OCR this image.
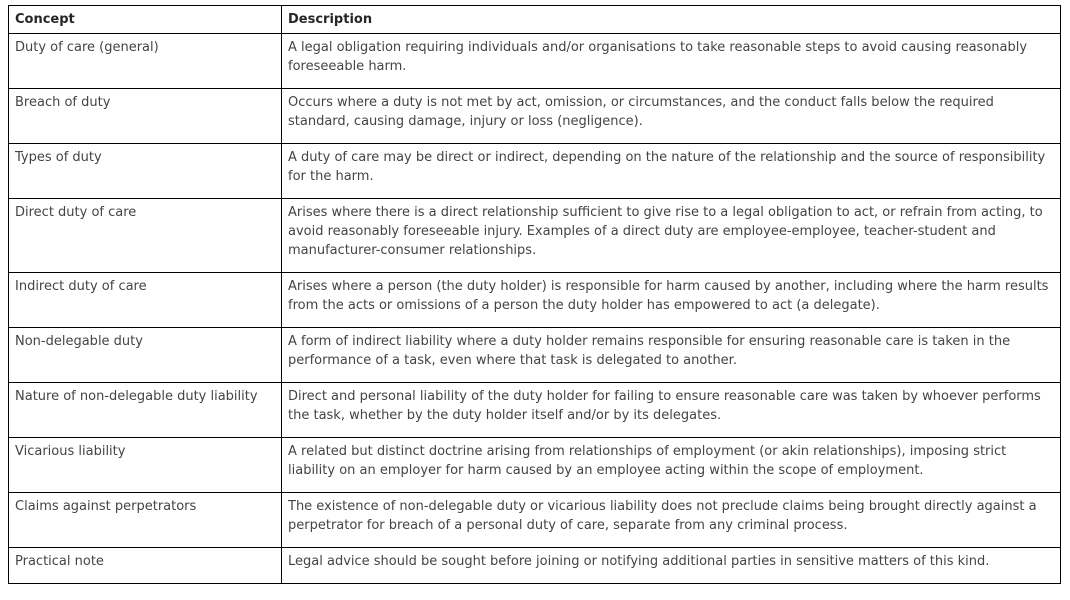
Concept	Description
Duty of care (general)	A legal obligation requiring individuals and/or organisations to take reasonable steps to avoid causing reasonably foreseeable harm.
Breach of duty	Occurs where a duty is not met by act, omission, or circumstances, and the conduct falls below the required standard, causing damage, injury or loss (negligence).
Types of duty	A duty of care may be direct or indirect, depending on the nature of the relationship and the source of responsibility for the harm.
Direct duty of care	Arises where there is a direct relationship sufficient to give rise to a legal obligation to act, or refrain from acting, to avoid reasonably foreseeable injury. Examples of a direct duty are employee-employee, teacher-student and manufacturer-consumer relationships.
Indirect duty of care	Arises where a person (the duty holder) is responsible for harm caused by another, including where the harm results from the acts or omissions of a person the duty holder has empowered to act (a delegate).
Non-delegable duty	A form of indirect liability where a duty holder remains responsible for ensuring reasonable care is taken in the performance of a task, even where that task is delegated to another.
Nature of non-delegable duty liability	Direct and personal liability of the duty holder for failing to ensure reasonable care was taken by whoever performs the task, whether by the duty holder itself and/or by its delegates.
Vicarious liability	A related but distinct doctrine arising from relationships of employment (or akin relationships), imposing strict liability on an employer for harm caused by an employee acting within the scope of employment.
Claims against perpetrators	The existence of non-delegable duty or vicarious liability does not preclude claims being brought directly against a perpetrator for breach of a personal duty of care, separate from any criminal process.
Practical note	Legal advice should be sought before joining or notifying additional parties in sensitive matters of this kind.
